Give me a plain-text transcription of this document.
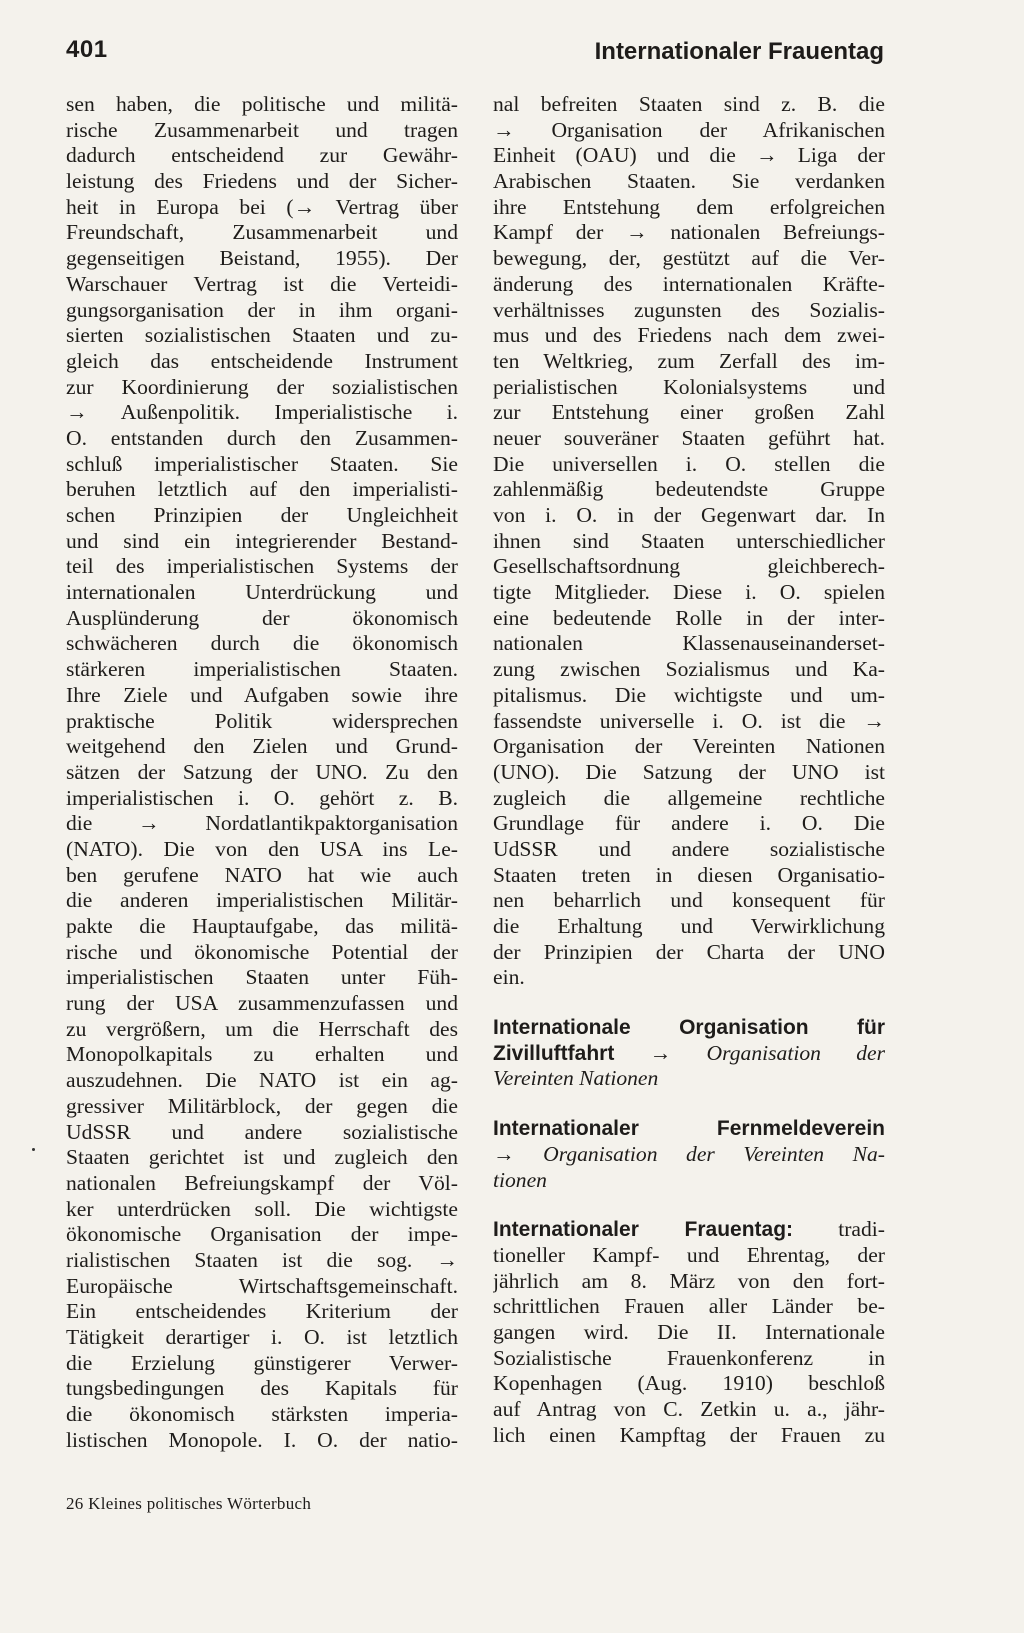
401	Internationaler Frauentag
sen haben, die politische und militä-
rische Zusammenarbeit und tragen
dadurch entscheidend zur Gewähr-
leistung des Friedens und der Sicher-
heit in Europa bei (→ Vertrag über
Freundschaft, Zusammenarbeit und
gegenseitigen Beistand, 1955). Der
Warschauer Vertrag ist die Verteidi-
gungsorganisation der in ihm organi-
sierten sozialistischen Staaten und zu-
gleich das entscheidende Instrument
zur Koordinierung der sozialistischen
→ Außenpolitik. Imperialistische i.
O. entstanden durch den Zusammen-
schluß imperialistischer Staaten. Sie
beruhen letztlich auf den imperialisti-
schen Prinzipien der Ungleichheit
und sind ein integrierender Bestand-
teil des imperialistischen Systems der
internationalen Unterdrückung und
Ausplünderung der ökonomisch
schwächeren durch die ökonomisch
stärkeren imperialistischen Staaten.
Ihre Ziele und Aufgaben sowie ihre
praktische Politik widersprechen
weitgehend den Zielen und Grund-
sätzen der Satzung der UNO. Zu den
imperialistischen i. O. gehört z. B.
die → Nordatlantikpaktorganisation
(NATO). Die von den USA ins Le-
ben gerufene NATO hat wie auch
die anderen imperialistischen Militär-
pakte die Hauptaufgabe, das militä-
rische und ökonomische Potential der
imperialistischen Staaten unter Füh-
rung der USA zusammenzufassen und
zu vergrößern, um die Herrschaft des
Monopolkapitals zu erhalten und
auszudehnen. Die NATO ist ein ag-
gressiver Militärblock, der gegen die
UdSSR und andere sozialistische
Staaten gerichtet ist und zugleich den
nationalen Befreiungskampf der Völ-
ker unterdrücken soll. Die wichtigste
ökonomische Organisation der impe-
rialistischen Staaten ist die sog. →
Europäische Wirtschaftsgemeinschaft.
Ein entscheidendes Kriterium der
Tätigkeit derartiger i. O. ist letztlich
die Erzielung günstigerer Verwer-
tungsbedingungen des Kapitals für
die ökonomisch stärksten imperia-
listischen Monopole. I. O. der natio-
nal befreiten Staaten sind z. B. die
→ Organisation der Afrikanischen
Einheit (OAU) und die → Liga der
Arabischen Staaten. Sie verdanken
ihre Entstehung dem erfolgreichen
Kampf der → nationalen Befreiungs-
bewegung, der, gestützt auf die Ver-
änderung des internationalen Kräfte-
verhältnisses zugunsten des Sozialis-
mus und des Friedens nach dem zwei-
ten Weltkrieg, zum Zerfall des im-
perialistischen Kolonialsystems und
zur Entstehung einer großen Zahl
neuer souveräner Staaten geführt hat.
Die universellen i. O. stellen die
zahlenmäßig bedeutendste Gruppe
von i. O. in der Gegenwart dar. In
ihnen sind Staaten unterschiedlicher
Gesellschaftsordnung gleichberech-
tigte Mitglieder. Diese i. O. spielen
eine bedeutende Rolle in der inter-
nationalen Klassenauseinanderset-
zung zwischen Sozialismus und Ka-
pitalismus. Die wichtigste und um-
fassendste universelle i. O. ist die →
Organisation der Vereinten Nationen
(UNO). Die Satzung der UNO ist
zugleich die allgemeine rechtliche
Grundlage für andere i. O. Die
UdSSR und andere sozialistische
Staaten treten in diesen Organisatio-
nen beharrlich und konsequent für
die Erhaltung und Verwirklichung
der Prinzipien der Charta der UNO
ein.
Internationale Organisation für
Zivilluftfahrt → Organisation der
Vereinten Nationen
Internationaler Fernmeldeverein
→ Organisation der Vereinten Na-
tionen
Internationaler Frauentag: tradi-
tioneller Kampf- und Ehrentag, der
jährlich am 8. März von den fort-
schrittlichen Frauen aller Länder be-
gangen wird. Die II. Internationale
Sozialistische Frauenkonferenz in
Kopenhagen (Aug. 1910) beschloß
auf Antrag von C. Zetkin u. a., jähr-
lich einen Kampftag der Frauen zu
26 Kleines politisches Wörterbuch
